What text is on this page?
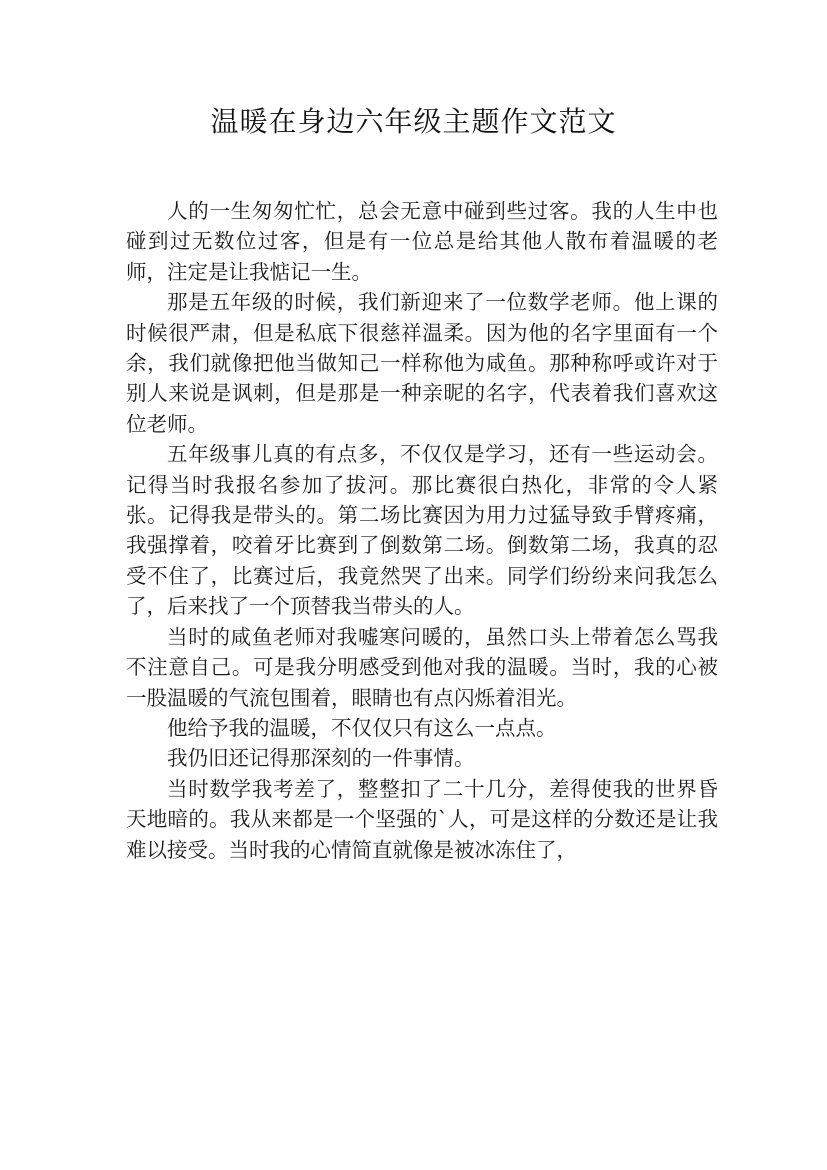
温暖在身边六年级主题作文范文

人的一生匆匆忙忙，总会无意中碰到些过客。我的人生中也碰到过无数位过客，但是有一位总是给其他人散布着温暖的老师，注定是让我惦记一生。

那是五年级的时候，我们新迎来了一位数学老师。他上课的时候很严肃，但是私底下很慈祥温柔。因为他的名字里面有一个余，我们就像把他当做知己一样称他为咸鱼。那种称呼或许对于别人来说是讽刺，但是那是一种亲昵的名字，代表着我们喜欢这位老师。

五年级事儿真的有点多，不仅仅是学习，还有一些运动会。记得当时我报名参加了拔河。那比赛很白热化，非常的令人紧张。记得我是带头的。第二场比赛因为用力过猛导致手臂疼痛，我强撑着，咬着牙比赛到了倒数第二场。倒数第二场，我真的忍受不住了，比赛过后，我竟然哭了出来。同学们纷纷来问我怎么了，后来找了一个顶替我当带头的人。

当时的咸鱼老师对我嘘寒问暖的，虽然口头上带着怎么骂我不注意自己。可是我分明感受到他对我的温暖。当时，我的心被一股温暖的气流包围着，眼睛也有点闪烁着泪光。

他给予我的温暖，不仅仅只有这么一点点。

我仍旧还记得那深刻的一件事情。

当时数学我考差了，整整扣了二十几分，差得使我的世界昏天地暗的。我从来都是一个坚强的`人，可是这样的分数还是让我难以接受。当时我的心情简直就像是被冰冻住了，
